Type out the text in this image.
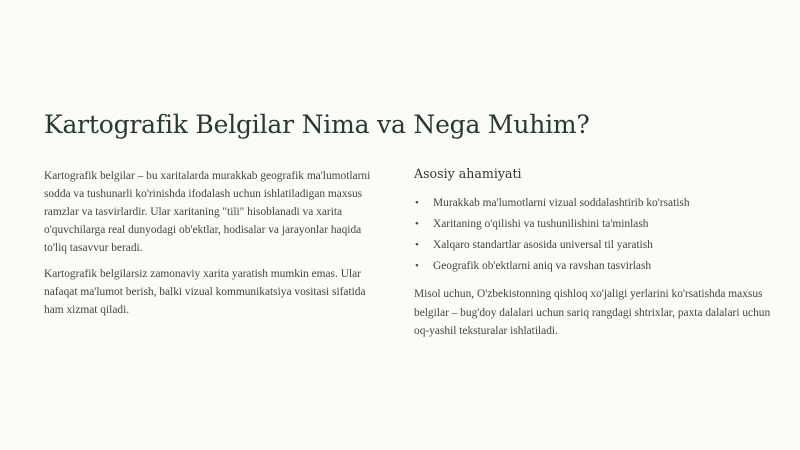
Kartografik Belgilar Nima va Nega Muhim?

Kartografik belgilar – bu xaritalarda murakkab geografik ma'lumotlarni sodda va tushunarli ko'rinishda ifodalash uchun ishlatiladigan maxsus ramzlar va tasvirlardir. Ular xaritaning "tili" hisoblanadi va xarita o'quvchilarga real dunyodagi ob'ektlar, hodisalar va jarayonlar haqida to'liq tasavvur beradi.

Kartografik belgilarsiz zamonaviy xarita yaratish mumkin emas. Ular nafaqat ma'lumot berish, balki vizual kommunikatsiya vositasi sifatida ham xizmat qiladi.

Asosiy ahamiyati
• Murakkab ma'lumotlarni vizual soddalashtirib ko'rsatish
• Xaritaning o'qilishi va tushunilishini ta'minlash
• Xalqaro standartlar asosida universal til yaratish
• Geografik ob'ektlarni aniq va ravshan tasvirlash

Misol uchun, O'zbekistonning qishloq xo'jaligi yerlarini ko'rsatishda maxsus belgilar – bug'doy dalalari uchun sariq rangdagi shtrixlar, paxta dalalari uchun oq-yashil teksturalar ishlatiladi.
